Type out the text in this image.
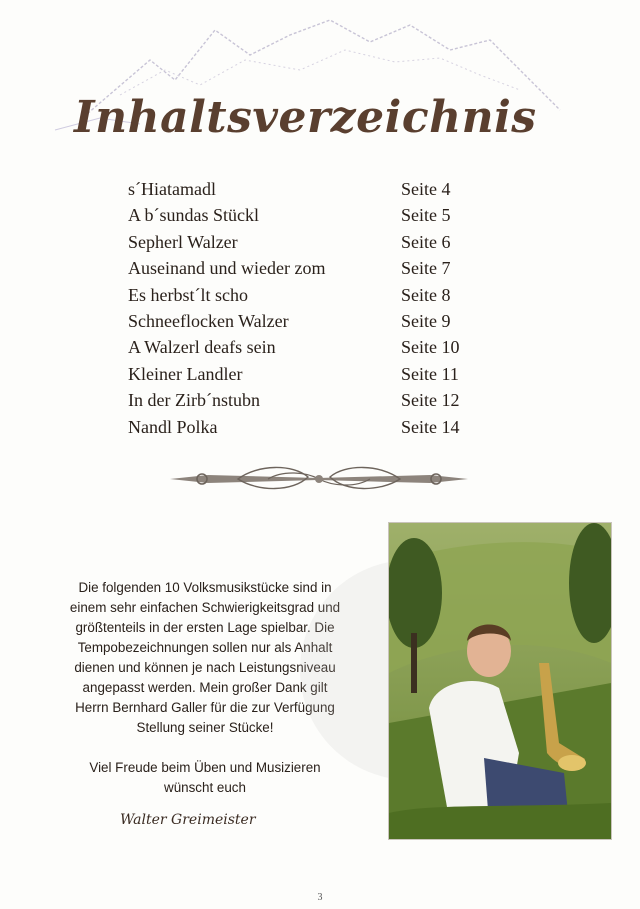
Inhaltsverzeichnis
s´Hiatamadl	Seite 4
A b´sundas Stückl	Seite 5
Sepherl Walzer	Seite 6
Auseinand und wieder zom	Seite 7
Es herbst´lt scho	Seite 8
Schneeflocken Walzer	Seite 9
A Walzerl deafs sein	Seite 10
Kleiner Landler	Seite 11
In der Zirb´nstubn	Seite 12
Nandl Polka	Seite 14

Die folgenden 10 Volksmusikstücke sind in
einem sehr einfachen Schwierigkeitsgrad und
größtenteils in der ersten Lage spielbar. Die
Tempobezeichnungen sollen nur als Anhalt
dienen und können je nach Leistungsniveau
angepasst werden. Mein großer Dank gilt
Herrn Bernhard Galler für die zur Verfügung
Stellung seiner Stücke!

Viel Freude beim Üben und Musizieren
wünscht euch

Walter Greimeister
3
